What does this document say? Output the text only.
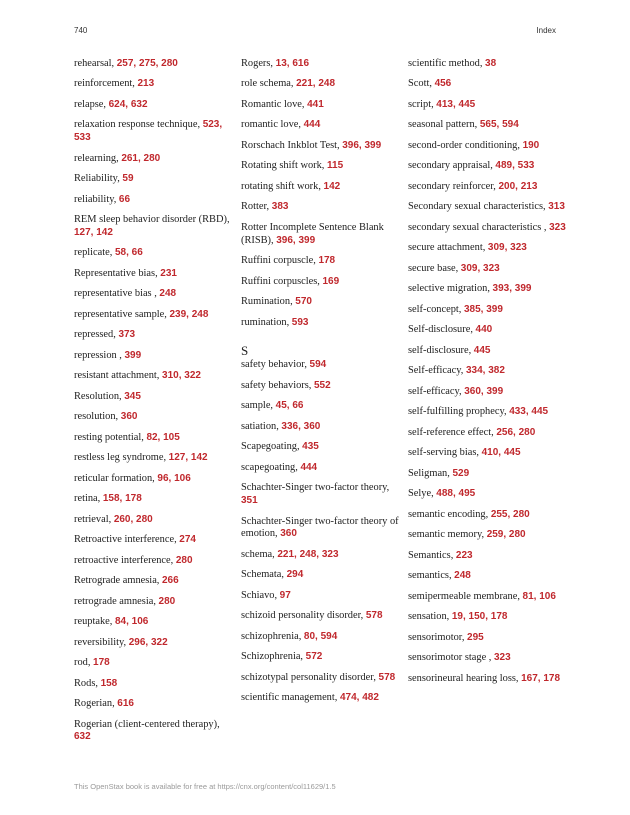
740	Index
rehearsal, 257, 275, 280
reinforcement, 213
relapse, 624, 632
relaxation response technique, 523, 533
relearning, 261, 280
Reliability, 59
reliability, 66
REM sleep behavior disorder (RBD), 127, 142
replicate, 58, 66
Representative bias, 231
representative bias , 248
representative sample, 239, 248
repressed, 373
repression , 399
resistant attachment, 310, 322
Resolution, 345
resolution, 360
resting potential, 82, 105
restless leg syndrome, 127, 142
reticular formation, 96, 106
retina, 158, 178
retrieval, 260, 280
Retroactive interference, 274
retroactive interference, 280
Retrograde amnesia, 266
retrograde amnesia, 280
reuptake, 84, 106
reversibility, 296, 322
rod, 178
Rods, 158
Rogerian, 616
Rogerian (client-centered therapy), 632
Rogers, 13, 616
role schema, 221, 248
Romantic love, 441
romantic love, 444
Rorschach Inkblot Test, 396, 399
Rotating shift work, 115
rotating shift work, 142
Rotter, 383
Rotter Incomplete Sentence Blank (RISB), 396, 399
Ruffini corpuscle, 178
Ruffini corpuscles, 169
Rumination, 570
rumination, 593
S
safety behavior, 594
safety behaviors, 552
sample, 45, 66
satiation, 336, 360
Scapegoating, 435
scapegoating, 444
Schachter-Singer two-factor theory, 351
Schachter-Singer two-factor theory of emotion, 360
schema, 221, 248, 323
Schemata, 294
Schiavo, 97
schizoid personality disorder, 578
schizophrenia, 80, 594
Schizophrenia, 572
schizotypal personality disorder, 578
scientific management, 474, 482
scientific method, 38
Scott, 456
script, 413, 445
seasonal pattern, 565, 594
second-order conditioning, 190
secondary appraisal, 489, 533
secondary reinforcer, 200, 213
Secondary sexual characteristics, 313
secondary sexual characteristics , 323
secure attachment, 309, 323
secure base, 309, 323
selective migration, 393, 399
self-concept, 385, 399
Self-disclosure, 440
self-disclosure, 445
Self-efficacy, 334, 382
self-efficacy, 360, 399
self-fulfilling prophecy, 433, 445
self-reference effect, 256, 280
self-serving bias, 410, 445
Seligman, 529
Selye, 488, 495
semantic encoding, 255, 280
semantic memory, 259, 280
Semantics, 223
semantics, 248
semipermeable membrane, 81, 106
sensation, 19, 150, 178
sensorimotor, 295
sensorimotor stage , 323
sensorineural hearing loss, 167, 178
This OpenStax book is available for free at https://cnx.org/content/col11629/1.5
